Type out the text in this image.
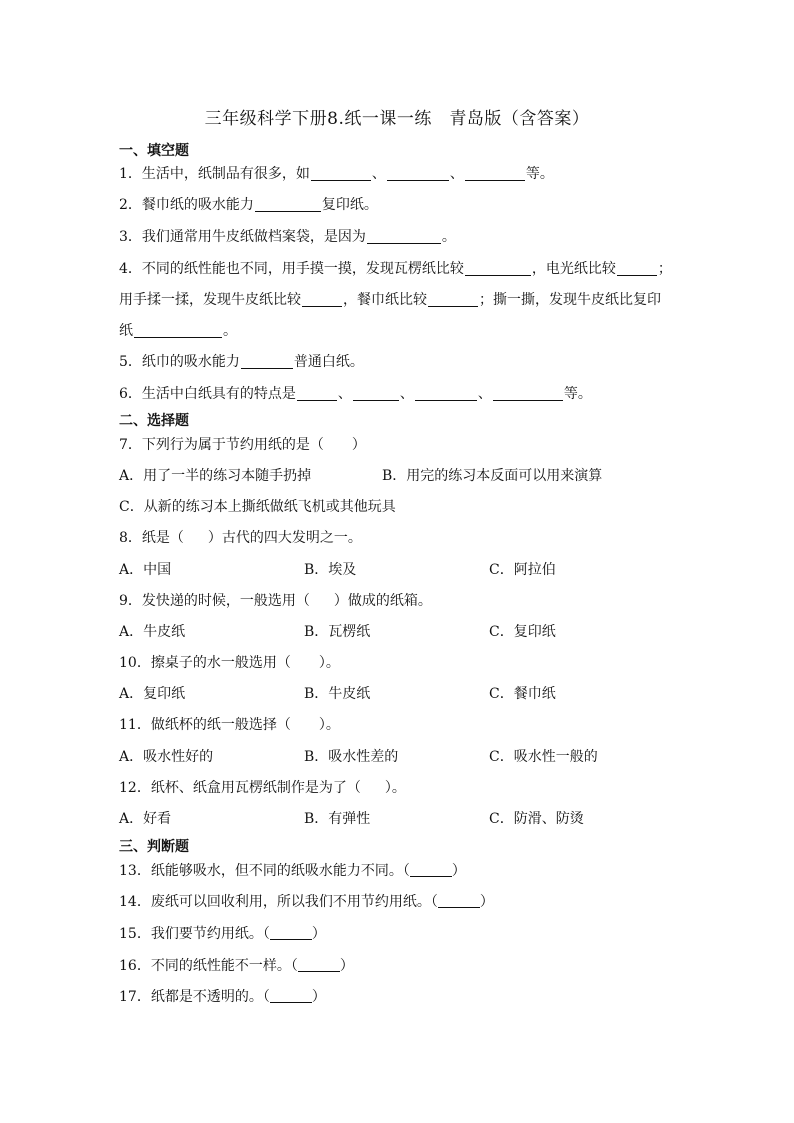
三年级科学下册8.纸一课一练　青岛版（含答案）
一、填空题
1．生活中，纸制品有很多，如	、	、	等。
2．餐巾纸的吸水能力	复印纸。
3．我们通常用牛皮纸做档案袋，是因为	。
4．不同的纸性能也不同，用手摸一摸，发现瓦楞纸比较	，电光纸比较	；
用手揉一揉，发现牛皮纸比较	，餐巾纸比较	；撕一撕，发现牛皮纸比复印
纸	。
5．纸巾的吸水能力	普通白纸。
6．生活中白纸具有的特点是	、	、	、	等。
二、选择题
7．下列行为属于节约用纸的是（　　）
A．用了一半的练习本随手扔掉	B．用完的练习本反面可以用来演算
C．从新的练习本上撕纸做纸飞机或其他玩具
8．纸是（ ）古代的四大发明之一。
A．中国	B．埃及	C．阿拉伯
9．发快递的时候，一般选用（ ）做成的纸箱。
A．牛皮纸	B．瓦楞纸	C．复印纸
10．擦桌子的水一般选用（　　）。
A．复印纸	B．牛皮纸	C．餐巾纸
11．做纸杯的纸一般选择（　　）。
A．吸水性好的	B．吸水性差的	C．吸水性一般的
12．纸杯、纸盒用瓦楞纸制作是为了（ ）。
A．好看	B．有弹性	C．防滑、防烫
三、判断题
13．纸能够吸水，但不同的纸吸水能力不同。（	）
14．废纸可以回收利用，所以我们不用节约用纸。（	）
15．我们要节约用纸。（	）
16．不同的纸性能不一样。（	）
17．纸都是不透明的。（	）
